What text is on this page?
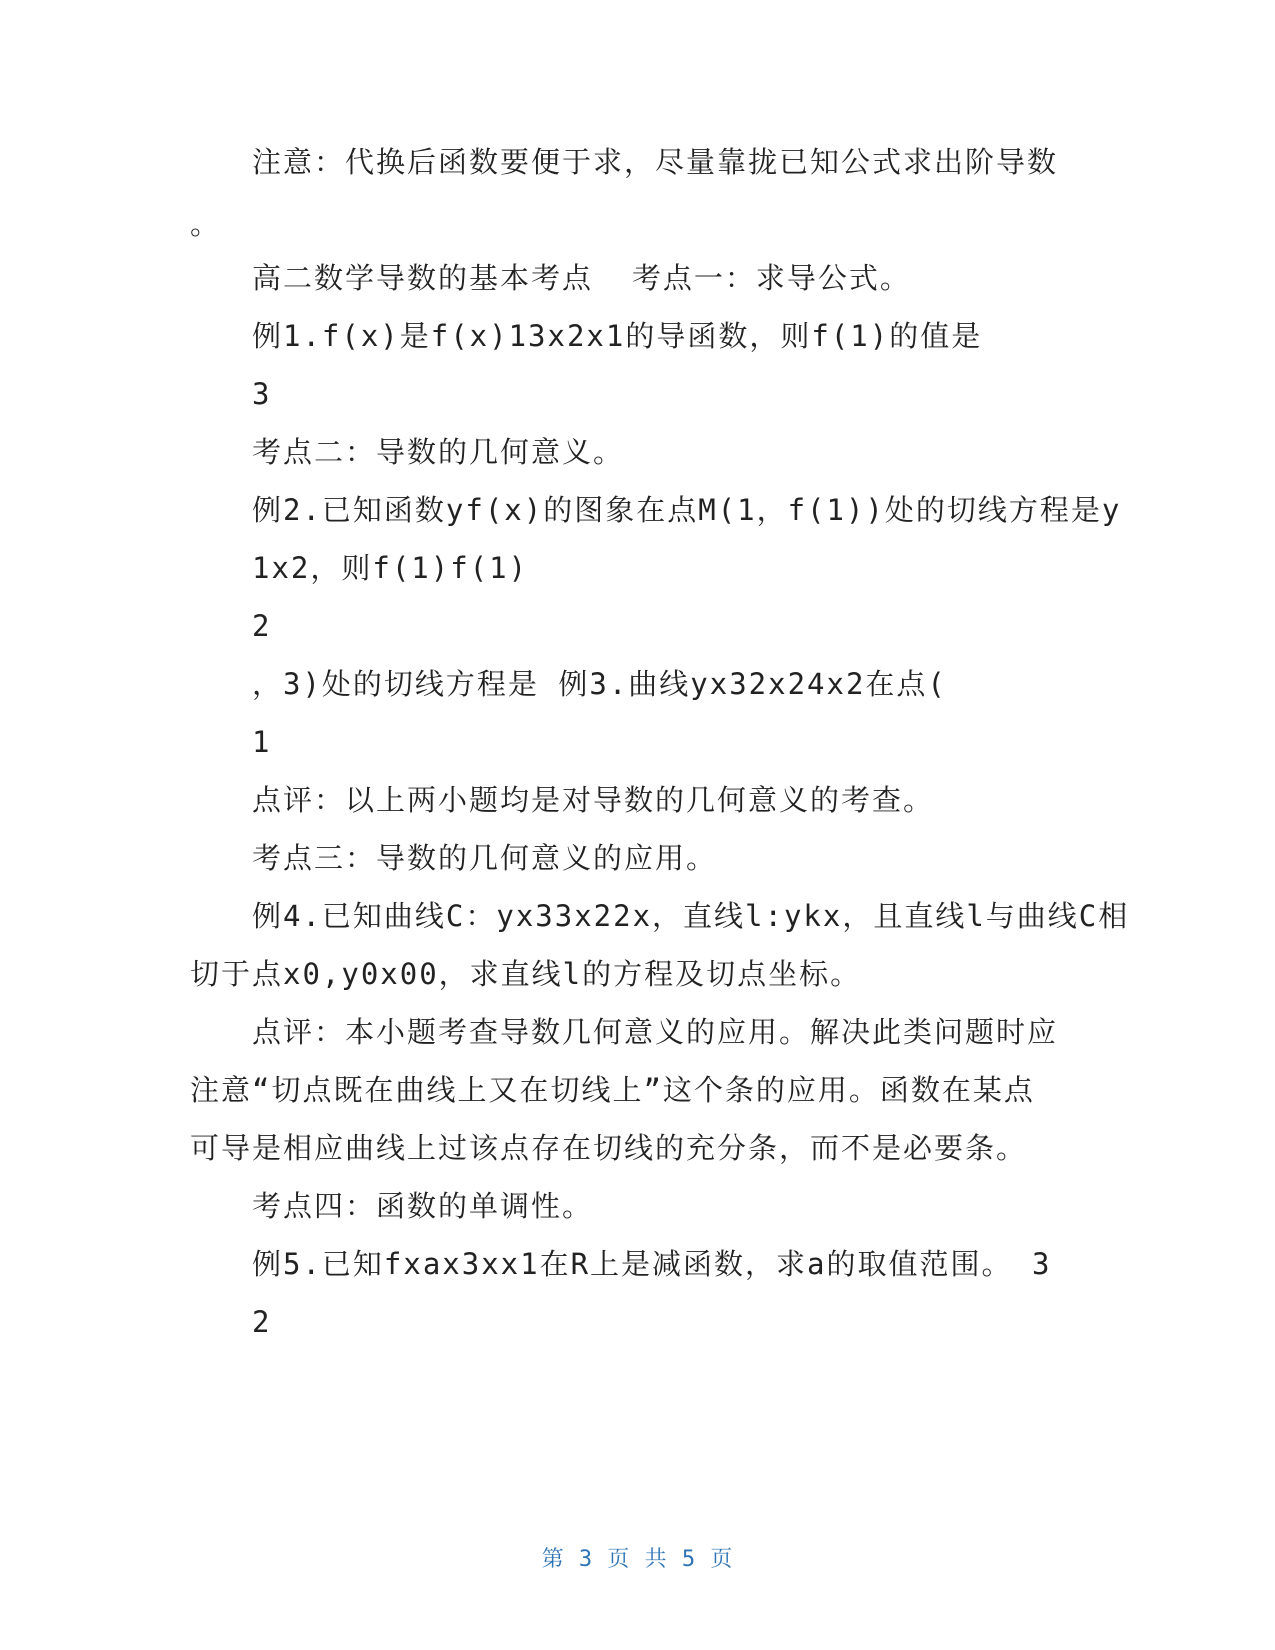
注意：代换后函数要便于求，尽量靠拢已知公式求出阶导数
。
高二数学导数的基本考点  考点一：求导公式。
例1.f(x)是f(x)13x2x1的导函数，则f(1)的值是
3
考点二：导数的几何意义。
例2.已知函数yf(x)的图象在点M(1，f(1))处的切线方程是y
1x2，则f(1)f(1)
2
，3)处的切线方程是 例3.曲线yx32x24x2在点(
1
点评：以上两小题均是对导数的几何意义的考查。
考点三：导数的几何意义的应用。
例4.已知曲线C：yx33x22x，直线l:ykx，且直线l与曲线C相
切于点x0,y0x00，求直线l的方程及切点坐标。
点评：本小题考查导数几何意义的应用。解决此类问题时应
注意“切点既在曲线上又在切线上”这个条的应用。函数在某点
可导是相应曲线上过该点存在切线的充分条，而不是必要条。
考点四：函数的单调性。
例5.已知fxax3xx1在R上是减函数，求a的取值范围。 3
2
第 3 页 共 5 页
